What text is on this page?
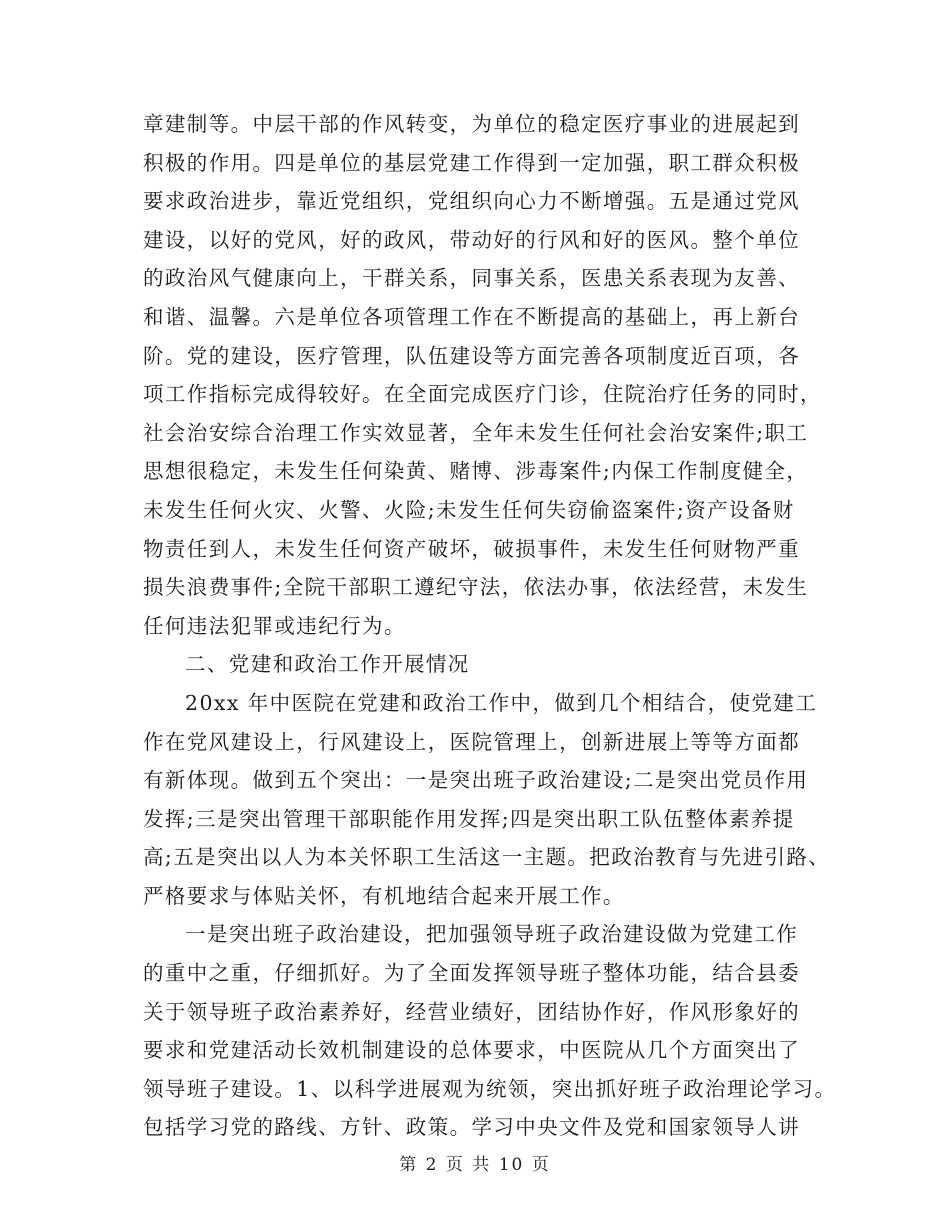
章建制等。中层干部的作风转变，为单位的稳定医疗事业的进展起到
积极的作用。四是单位的基层党建工作得到一定加强，职工群众积极
要求政治进步，靠近党组织，党组织向心力不断增强。五是通过党风
建设，以好的党风，好的政风，带动好的行风和好的医风。整个单位
的政治风气健康向上，干群关系，同事关系，医患关系表现为友善、
和谐、温馨。六是单位各项管理工作在不断提高的基础上，再上新台
阶。党的建设，医疗管理，队伍建设等方面完善各项制度近百项，各
项工作指标完成得较好。在全面完成医疗门诊，住院治疗任务的同时，
社会治安综合治理工作实效显著，全年未发生任何社会治安案件;职工
思想很稳定，未发生任何染黄、赌博、涉毒案件;内保工作制度健全，
未发生任何火灾、火警、火险;未发生任何失窃偷盗案件;资产设备财
物责任到人，未发生任何资产破坏，破损事件，未发生任何财物严重
损失浪费事件;全院干部职工遵纪守法，依法办事，依法经营，未发生
任何违法犯罪或违纪行为。
二、党建和政治工作开展情况
20xx 年中医院在党建和政治工作中，做到几个相结合，使党建工
作在党风建设上，行风建设上，医院管理上，创新进展上等等方面都
有新体现。做到五个突出：一是突出班子政治建设;二是突出党员作用
发挥;三是突出管理干部职能作用发挥;四是突出职工队伍整体素养提
高;五是突出以人为本关怀职工生活这一主题。把政治教育与先进引路、
严格要求与体贴关怀，有机地结合起来开展工作。
一是突出班子政治建设，把加强领导班子政治建设做为党建工作
的重中之重，仔细抓好。为了全面发挥领导班子整体功能，结合县委
关于领导班子政治素养好，经营业绩好，团结协作好，作风形象好的
要求和党建活动长效机制建设的总体要求，中医院从几个方面突出了
领导班子建设。1、以科学进展观为统领，突出抓好班子政治理论学习。
包括学习党的路线、方针、政策。学习中央文件及党和国家领导人讲
第 2 页 共 10 页
